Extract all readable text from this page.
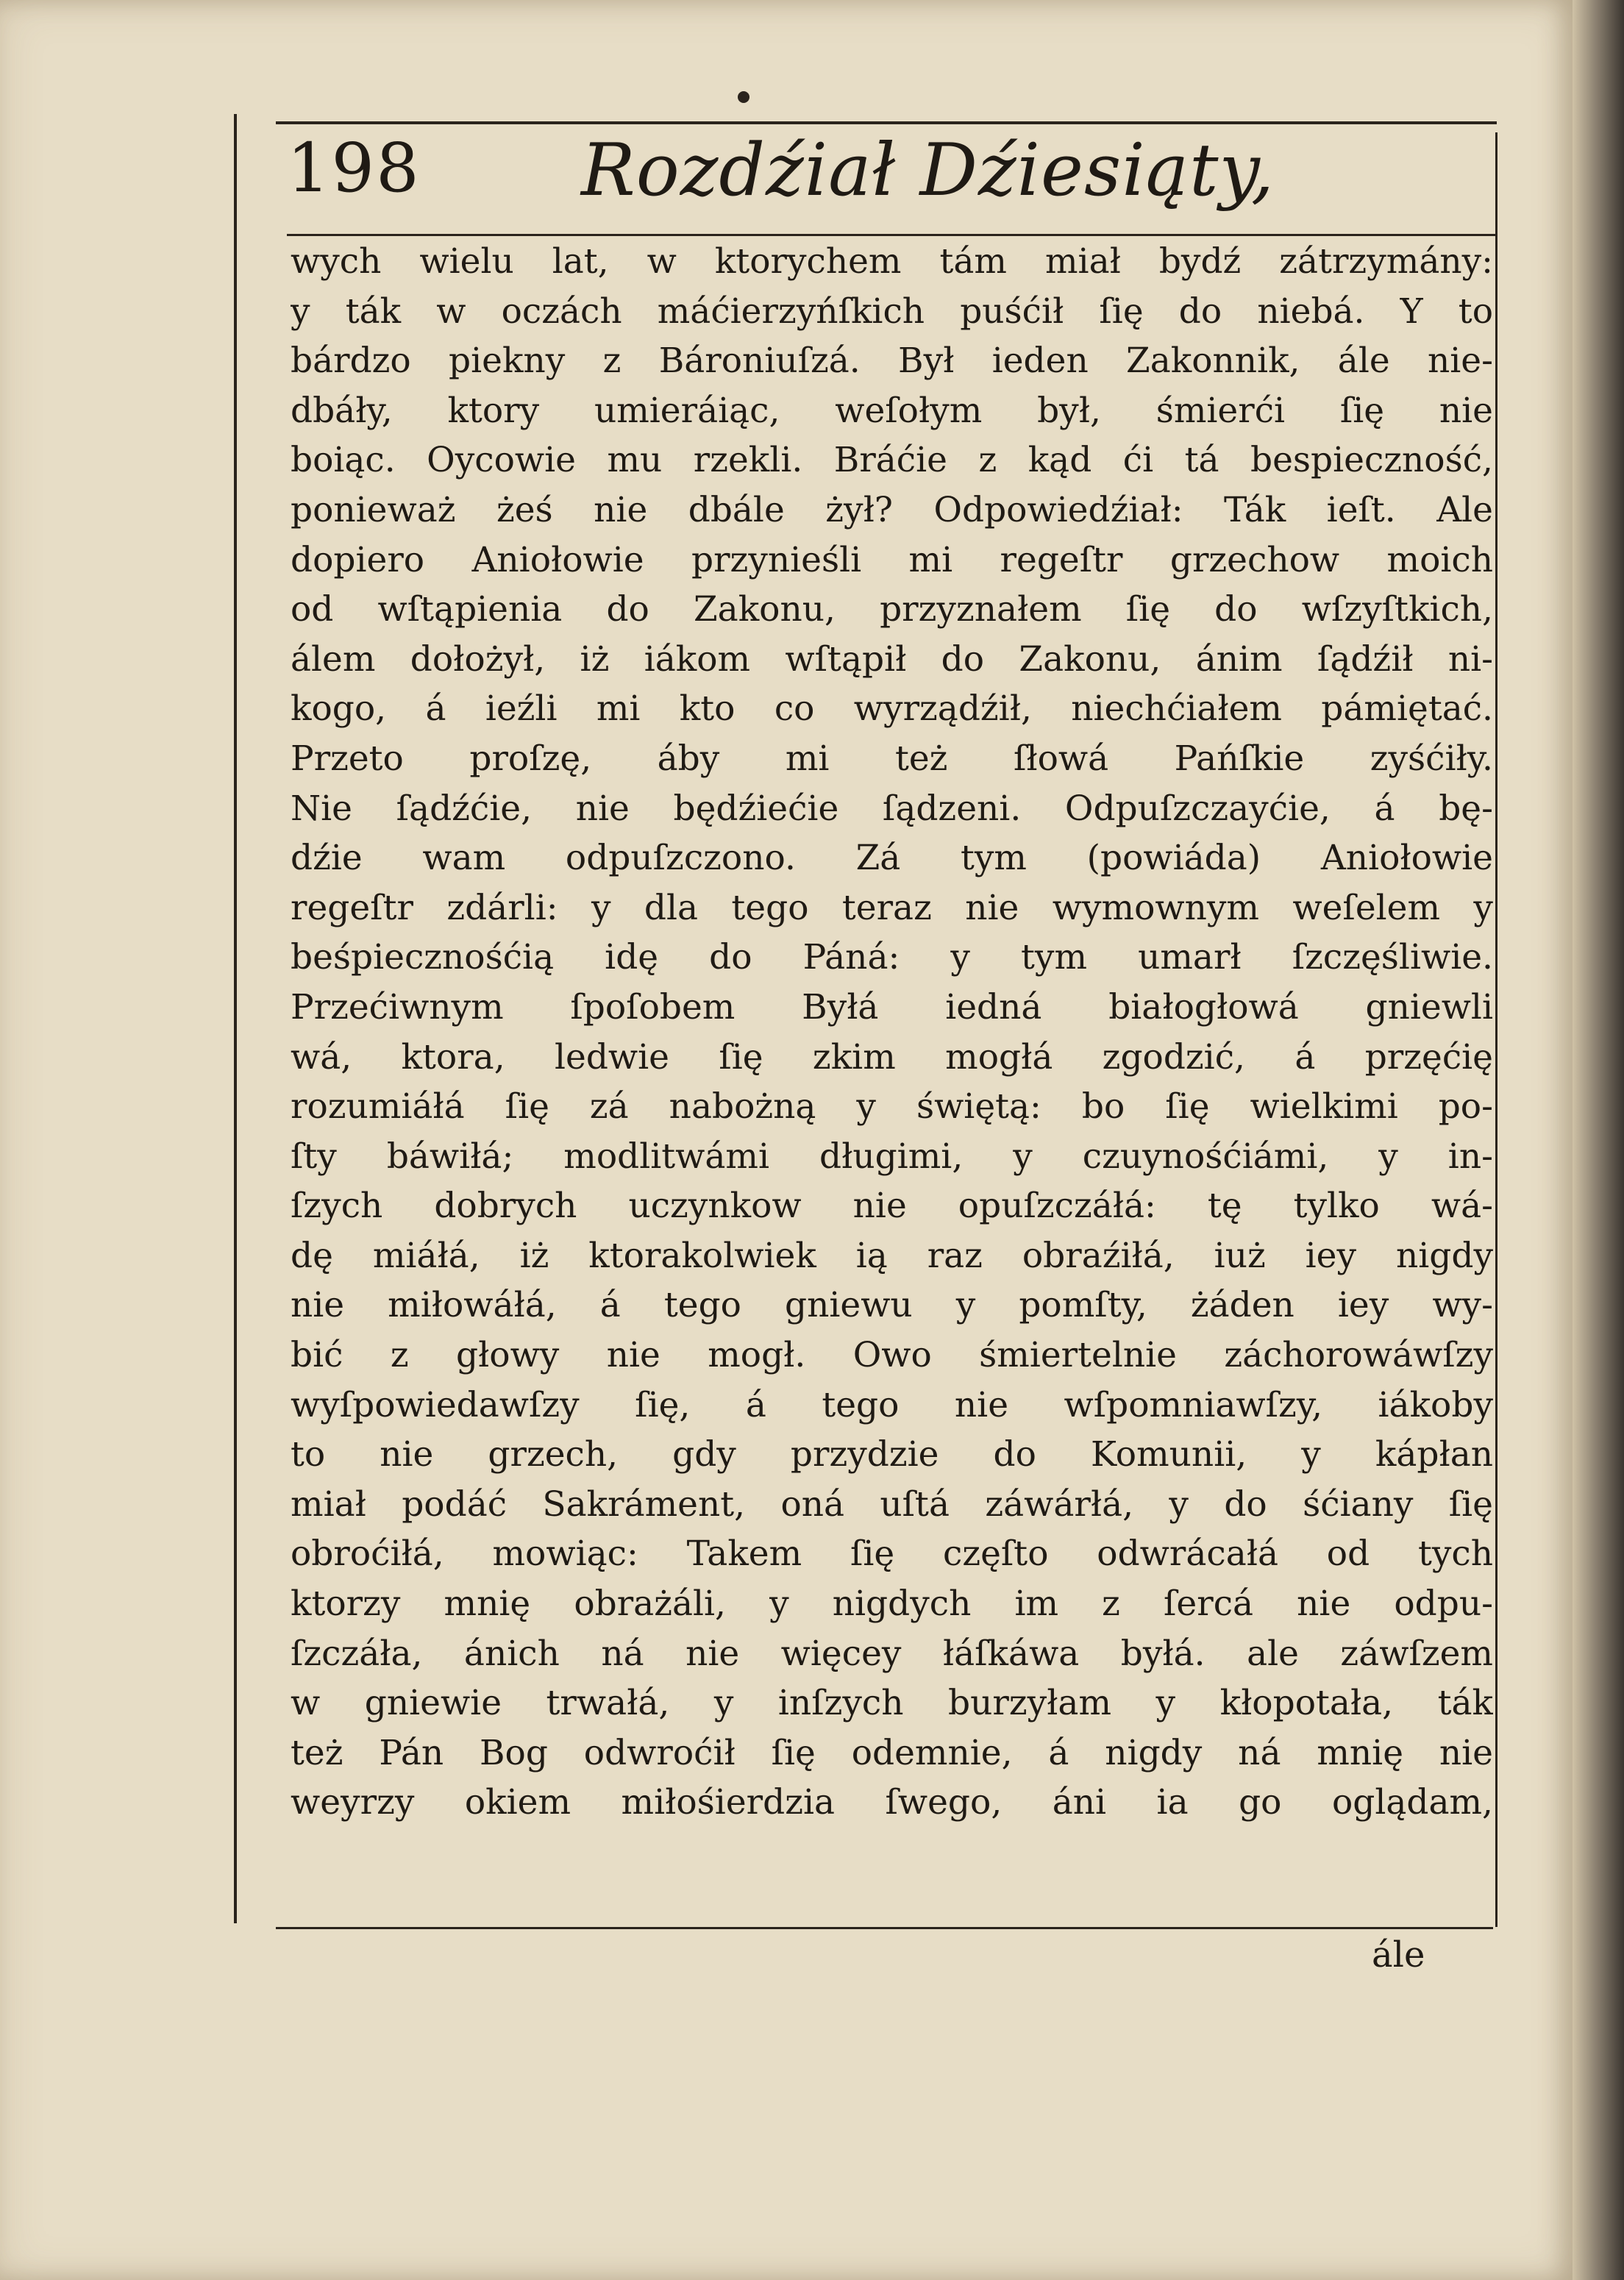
198 Rozdźiał Dźiesiąty,
wych wielu lat, w ktorychem tám miał bydź zátrzymány:
y ták w oczách máćierzyńſkich puśćił ſię do niebá. Y to
bárdzo piekny z Bároniuſzá. Był ieden Zakonnik, ále nie-
dbáły, ktory umieráiąc, weſołym był, śmierći ſię nie
boiąc. Oycowie mu rzekli. Bráćie z kąd ći tá bespieczność,
ponieważ żeś nie dbále żył? Odpowiedźiał: Ták ieſt. Ale
dopiero Aniołowie przynieśli mi regeſtr grzechow moich
od wſtąpienia do Zakonu, przyznałem ſię do wſzyſtkich,
álem dołożył, iż iákom wſtąpił do Zakonu, ánim ſądźił ni-
kogo, á ieźli mi kto co wyrządźił, niechćiałem pámiętać.
Przeto proſzę, áby mi też ſłowá Pańſkie zyśćiły.
Nie ſądźćie, nie będźiećie ſądzeni. Odpuſzczayćie, á bę-
dźie wam odpuſzczono. Zá tym (powiáda) Aniołowie
regeſtr zdárli: y dla tego teraz nie wymownym weſelem y
beśpiecznośćią idę do Páná: y tym umarł ſzczęśliwie.
Przećiwnym ſpoſobem Byłá iedná białogłowá gniewli
wá, ktora, ledwie ſię zkim mogłá zgodzić, á przęćię
rozumiáłá ſię zá nabożną y świętą: bo ſię wielkimi po-
ſty báwiłá; modlitwámi długimi, y czuynośćiámi, y in-
ſzych dobrych uczynkow nie opuſzczáłá: tę tylko wá-
dę miáłá, iż ktorakolwiek ią raz obraźiłá, iuż iey nigdy
nie miłowáłá, á tego gniewu y pomſty, żáden iey wy-
bić z głowy nie mogł. Owo śmiertelnie záchorowáwſzy
wyſpowiedawſzy ſię, á tego nie wſpomniawſzy, iákoby
to nie grzech, gdy przydzie do Komunii, y kápłan
miał podáć Sakráment, oná uſtá záwárłá, y do śćiany ſię
obroćiłá, mowiąc: Takem ſię częſto odwrácałá od tych
ktorzy mnię obrażáli, y nigdych im z ſercá nie odpu-
ſzczáła, ánich ná nie więcey łáſkáwa byłá. ale záwſzem
w gniewie trwałá, y inſzych burzyłam y kłopotała, ták
też Pán Bog odwroćił ſię odemnie, á nigdy ná mnię nie
weyrzy okiem miłośierdzia ſwego, áni ia go oglądam,
ále
